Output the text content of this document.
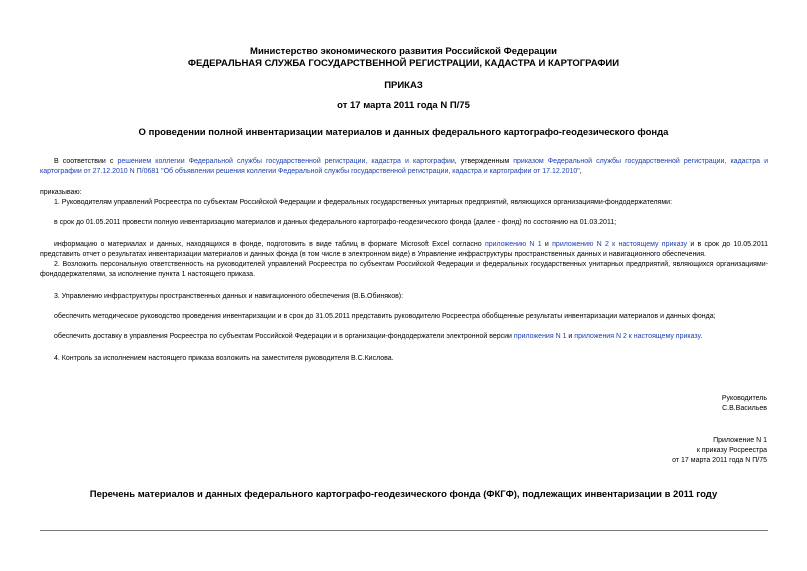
Министерство экономического развития Российской Федерации
ФЕДЕРАЛЬНАЯ СЛУЖБА ГОСУДАРСТВЕННОЙ РЕГИСТРАЦИИ, КАДАСТРА И КАРТОГРАФИИ
ПРИКАЗ
от 17 марта 2011 года N П/75
О проведении полной инвентаризации материалов и данных федерального картографо-геодезического фонда
В соответствии с решением коллегии Федеральной службы государственной регистрации, кадастра и картографии, утвержденным приказом Федеральной службы государственной регистрации, кадастра и картографии от 27.12.2010 N П/0681 "Об объявлении решения коллегии Федеральной службы государственной регистрации, кадастра и картографии от 17.12.2010",
приказываю:
1. Руководителям управлений Росреестра по субъектам Российской Федерации и федеральных государственных унитарных предприятий, являющихся организациями-фондодержателями:
в срок до 01.05.2011 провести полную инвентаризацию материалов и данных федерального картографо-геодезического фонда (далее - фонд) по состоянию на 01.03.2011;
информацию о материалах и данных, находящихся в фонде, подготовить в виде таблиц в формате Microsoft Excel согласно приложению N 1 и приложению N 2 к настоящему приказу и в срок до 10.05.2011 представить отчет о результатах инвентаризации материалов и данных фонда (в том числе в электронном виде) в Управление инфраструктуры пространственных данных и навигационного обеспечения.
2. Возложить персональную ответственность на руководителей управлений Росреестра по субъектам Российской Федерации и федеральных государственных унитарных предприятий, являющихся организациями-фондодержателями, за исполнение пункта 1 настоящего приказа.
3. Управлению инфраструктуры пространственных данных и навигационного обеспечения (В.Б.Обиняков):
обеспечить методическое руководство проведения инвентаризации и в срок до 31.05.2011 представить руководителю Росреестра обобщенные результаты инвентаризации материалов и данных фонда;
обеспечить доставку в управления Росреестра по субъектам Российской Федерации и в организации-фондодержатели электронной версии приложения N 1 и приложения N 2 к настоящему приказу.
4. Контроль за исполнением настоящего приказа возложить на заместителя руководителя В.С.Кислова.
Руководитель
С.В.Васильев
Приложение N 1
к приказу Росреестра
от 17 марта 2011 года N П/75
Перечень материалов и данных федерального картографо-геодезического фонда (ФКГФ), подлежащих инвентаризации в 2011 году
